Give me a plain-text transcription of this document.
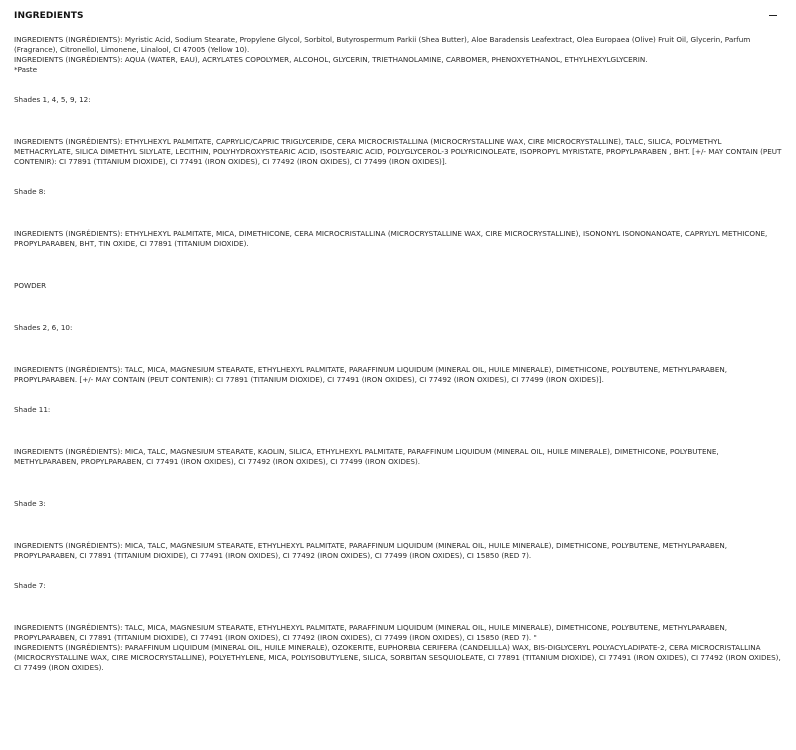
INGREDIENTS

INGREDIENTS (INGRÉDIENTS): Myristic Acid, Sodium Stearate, Propylene Glycol, Sorbitol, Butyrospermum Parkii (Shea Butter), Aloe Baradensis Leafextract, Olea Europaea (Olive) Fruit Oil, Glycerin, Parfum (Fragrance), Citronellol, Limonene, Linalool, CI 47005 (Yellow 10).

INGREDIENTS (INGRÉDIENTS): AQUA (WATER, EAU), ACRYLATES COPOLYMER, ALCOHOL, GLYCERIN, TRIETHANOLAMINE, CARBOMER, PHENOXYETHANOL, ETHYLHEXYLGLYCERIN.

*Paste

Shades 1, 4, 5, 9, 12:

INGREDIENTS (INGRÉDIENTS): ETHYLHEXYL PALMITATE, CAPRYLIC/CAPRIC TRIGLYCERIDE, CERA MICROCRISTALLINA (MICROCRYSTALLINE WAX, CIRE MICROCRYSTALLINE), TALC, SILICA, POLYMETHYL METHACRYLATE, SILICA DIMETHYL SILYLATE, LECITHIN, POLYHYDROXYSTEARIC ACID, ISOSTEARIC ACID, POLYGLYCEROL-3 POLYRICINOLEATE, ISOPROPYL MYRISTATE, PROPYLPARABEN , BHT. [+/- MAY CONTAIN (PEUT CONTENIR): CI 77891 (TITANIUM DIOXIDE), CI 77491 (IRON OXIDES), CI 77492 (IRON OXIDES), CI 77499 (IRON OXIDES)].

Shade 8:

INGREDIENTS (INGRÉDIENTS): ETHYLHEXYL PALMITATE, MICA, DIMETHICONE, CERA MICROCRISTALLINA (MICROCRYSTALLINE WAX, CIRE MICROCRYSTALLINE), ISONONYL ISONONANOATE, CAPRYLYL METHICONE, PROPYLPARABEN, BHT, TIN OXIDE, CI 77891 (TITANIUM DIOXIDE).

POWDER

Shades 2, 6, 10:

INGREDIENTS (INGRÉDIENTS): TALC, MICA, MAGNESIUM STEARATE, ETHYLHEXYL PALMITATE, PARAFFINUM LIQUIDUM (MINERAL OIL, HUILE MINERALE), DIMETHICONE, POLYBUTENE, METHYLPARABEN, PROPYLPARABEN. [+/- MAY CONTAIN (PEUT CONTENIR): CI 77891 (TITANIUM DIOXIDE), CI 77491 (IRON OXIDES), CI 77492 (IRON OXIDES), CI 77499 (IRON OXIDES)].

Shade 11:

INGREDIENTS (INGRÉDIENTS): MICA, TALC, MAGNESIUM STEARATE, KAOLIN, SILICA, ETHYLHEXYL PALMITATE, PARAFFINUM LIQUIDUM (MINERAL OIL, HUILE MINERALE), DIMETHICONE, POLYBUTENE, METHYLPARABEN, PROPYLPARABEN, CI 77491 (IRON OXIDES), CI 77492 (IRON OXIDES), CI 77499 (IRON OXIDES).

Shade 3:

INGREDIENTS (INGRÉDIENTS): MICA, TALC, MAGNESIUM STEARATE, ETHYLHEXYL PALMITATE, PARAFFINUM LIQUIDUM (MINERAL OIL, HUILE MINERALE), DIMETHICONE, POLYBUTENE, METHYLPARABEN, PROPYLPARABEN, CI 77891 (TITANIUM DIOXIDE), CI 77491 (IRON OXIDES), CI 77492 (IRON OXIDES), CI 77499 (IRON OXIDES), CI 15850 (RED 7).

Shade 7:

INGREDIENTS (INGRÉDIENTS): TALC, MICA, MAGNESIUM STEARATE, ETHYLHEXYL PALMITATE, PARAFFINUM LIQUIDUM (MINERAL OIL, HUILE MINERALE), DIMETHICONE, POLYBUTENE, METHYLPARABEN, PROPYLPARABEN, CI 77891 (TITANIUM DIOXIDE), CI 77491 (IRON OXIDES), CI 77492 (IRON OXIDES), CI 77499 (IRON OXIDES), CI 15850 (RED 7). "

INGREDIENTS (INGRÉDIENTS): PARAFFINUM LIQUIDUM (MINERAL OIL, HUILE MINERALE), OZOKERITE, EUPHORBIA CERIFERA (CANDELILLA) WAX, BIS-DIGLYCERYL POLYACYLADIPATE-2, CERA MICROCRISTALLINA (MICROCRYSTALLINE WAX, CIRE MICROCRYSTALLINE), POLYETHYLENE, MICA, POLYISOBUTYLENE, SILICA, SORBITAN SESQUIOLEATE, CI 77891 (TITANIUM DIOXIDE), CI 77491 (IRON OXIDES), CI 77492 (IRON OXIDES), CI 77499 (IRON OXIDES).
